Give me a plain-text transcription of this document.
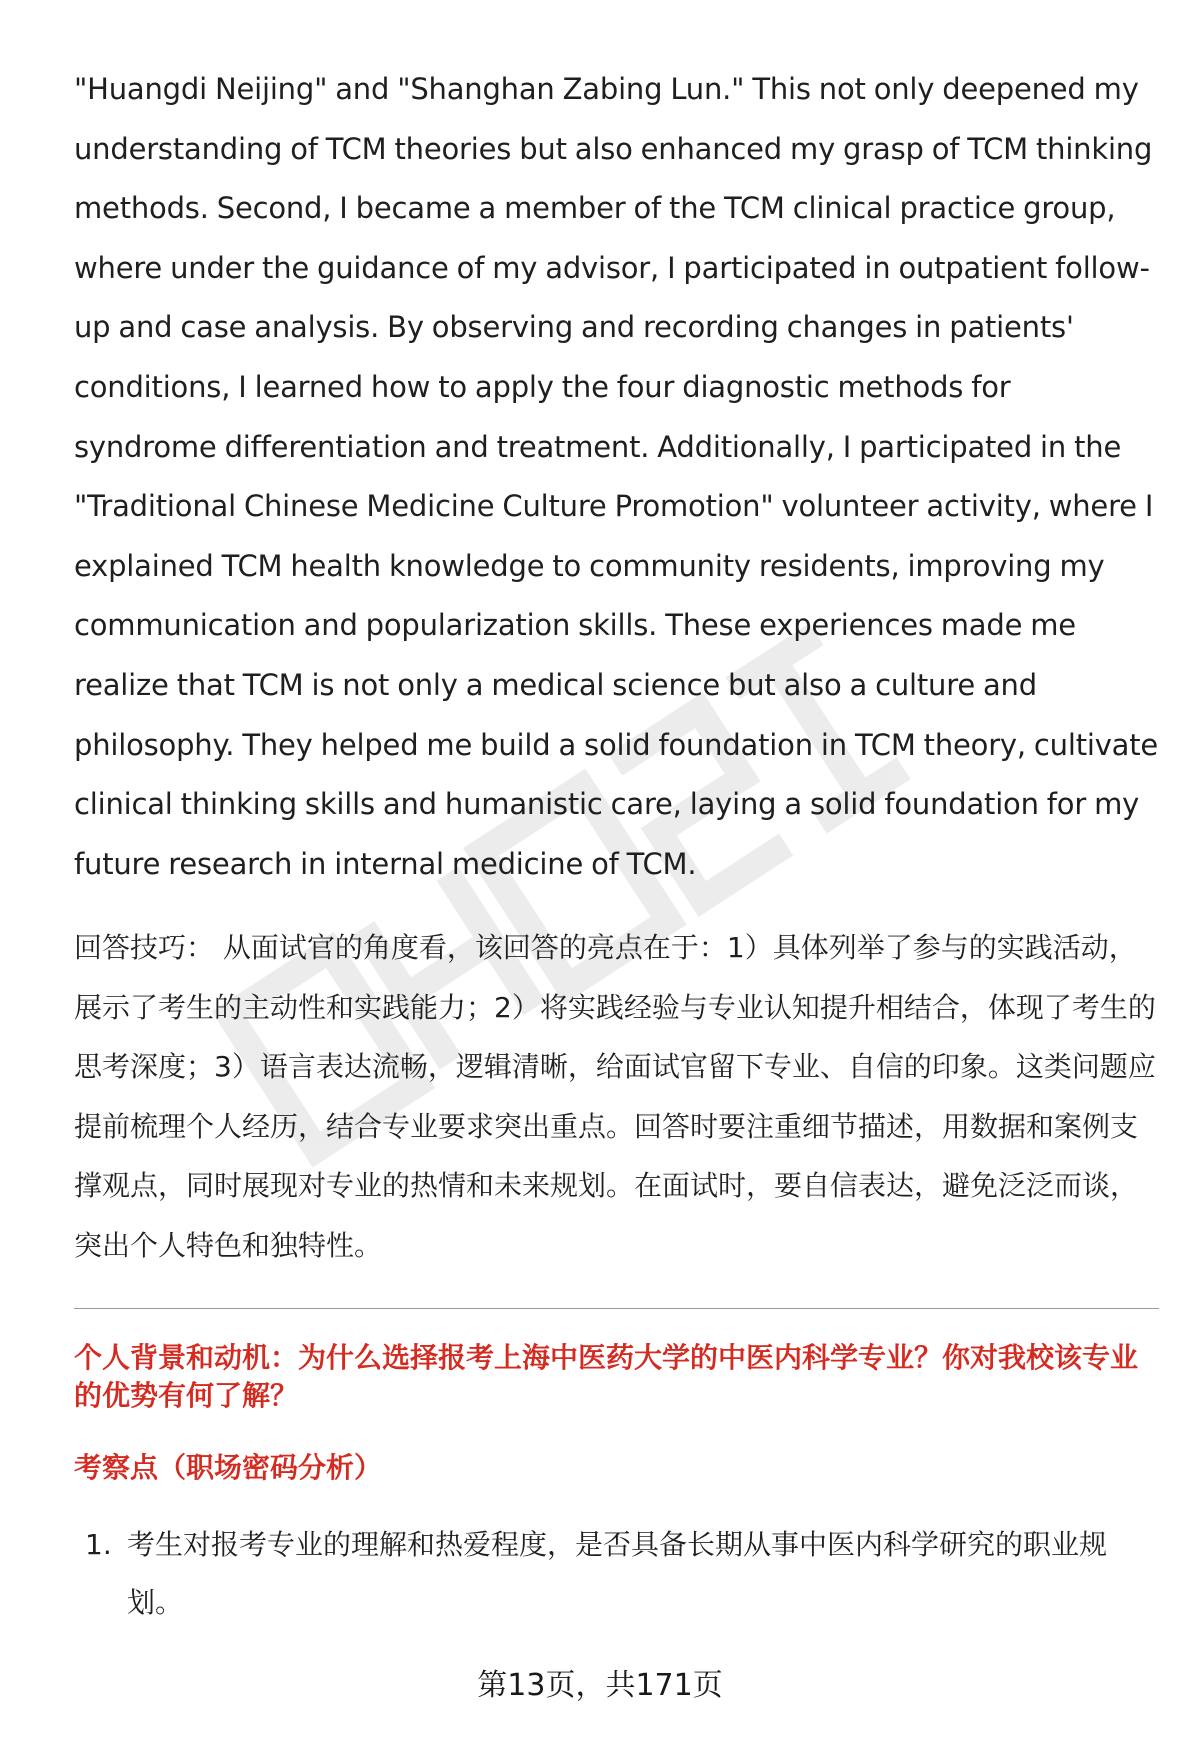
"Huangdi Neijing" and "Shanghan Zabing Lun." This not only deepened my understanding of TCM theories but also enhanced my grasp of TCM thinking methods. Second, I became a member of the TCM clinical practice group, where under the guidance of my advisor, I participated in outpatient follow-up and case analysis. By observing and recording changes in patients' conditions, I learned how to apply the four diagnostic methods for syndrome differentiation and treatment. Additionally, I participated in the "Traditional Chinese Medicine Culture Promotion" volunteer activity, where I explained TCM health knowledge to community residents, improving my communication and popularization skills. These experiences made me realize that TCM is not only a medical science but also a culture and philosophy. They helped me build a solid foundation in TCM theory, cultivate clinical thinking skills and humanistic care, laying a solid foundation for my future research in internal medicine of TCM.

回答技巧： 从面试官的角度看，该回答的亮点在于：1）具体列举了参与的实践活动，展示了考生的主动性和实践能力；2）将实践经验与专业认知提升相结合，体现了考生的思考深度；3）语言表达流畅，逻辑清晰，给面试官留下专业、自信的印象。这类问题应提前梳理个人经历，结合专业要求突出重点。回答时要注重细节描述，用数据和案例支撑观点，同时展现对专业的热情和未来规划。在面试时，要自信表达，避免泛泛而谈，突出个人特色和独特性。

个人背景和动机：为什么选择报考上海中医药大学的中医内科学专业？你对我校该专业的优势有何了解？
考察点（职场密码分析）
1. 考生对报考专业的理解和热爱程度，是否具备长期从事中医内科学研究的职业规划。
第13页，共171页
